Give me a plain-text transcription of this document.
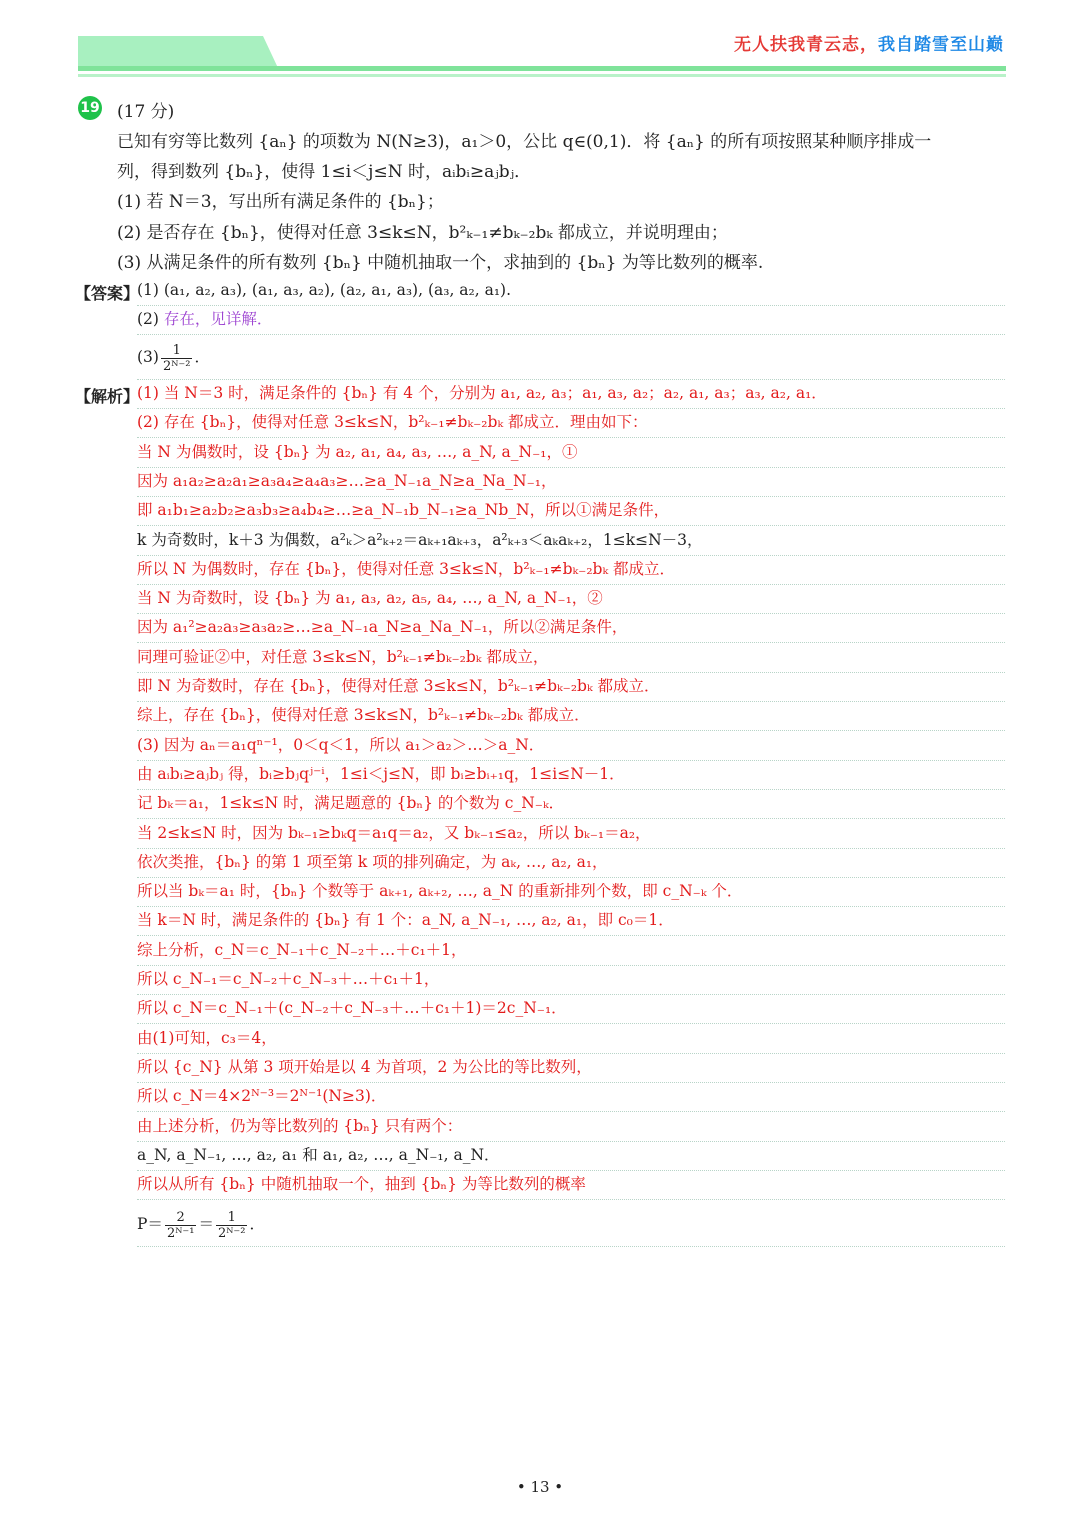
无人扶我青云志，我自踏雪至山巅
19 (17 分)
已知有穷等比数列 {aₙ} 的项数为 N(N≥3)，a₁＞0，公比 q∈(0,1)．将 {aₙ} 的所有项按照某种顺序排成一
列，得到数列 {bₙ}，使得 1≤i＜j≤N 时，aᵢbᵢ≥aⱼbⱼ．
(1) 若 N＝3，写出所有满足条件的 {bₙ}；
(2) 是否存在 {bₙ}，使得对任意 3≤k≤N，b²ₖ₋₁≠bₖ₋₂bₖ 都成立，并说明理由；
(3) 从满足条件的所有数列 {bₙ} 中随机抽取一个，求抽到的 {bₙ} 为等比数列的概率.
【答案】
(1) (a₁, a₂, a₃), (a₁, a₃, a₂), (a₂, a₁, a₃), (a₃, a₂, a₁).
(2) 存在，见详解．
$(3) \frac{1}{\text{2ᴺ⁻²}}$ ．
【解析】
(1) 当 N＝3 时，满足条件的 {bₙ} 有 4 个，分别为 a₁, a₂, a₃；a₁, a₃, a₂；a₂, a₁, a₃；a₃, a₂, a₁．
(2) 存在 {bₙ}，使得对任意 3≤k≤N，b²ₖ₋₁≠bₖ₋₂bₖ 都成立．理由如下：
当 N 为偶数时，设 {bₙ} 为 a₂, a₁, a₄, a₃, …, a_N, a_N₋₁，①
因为 a₁a₂≥a₂a₁≥a₃a₄≥a₄a₃≥…≥a_N₋₁a_N≥a_Na_N₋₁，
即 a₁b₁≥a₂b₂≥a₃b₃≥a₄b₄≥…≥a_N₋₁b_N₋₁≥a_Nb_N，所以①满足条件，
k 为奇数时，k＋3 为偶数，a²ₖ＞a²ₖ₊₂＝aₖ₊₁aₖ₊₃，a²ₖ₊₃＜aₖaₖ₊₂，1≤k≤N－3，
所以 N 为偶数时，存在 {bₙ}，使得对任意 3≤k≤N，b²ₖ₋₁≠bₖ₋₂bₖ 都成立．
当 N 为奇数时，设 {bₙ} 为 a₁, a₃, a₂, a₅, a₄, …, a_N, a_N₋₁，②
因为 a₁²≥a₂a₃≥a₃a₂≥…≥a_N₋₁a_N≥a_Na_N₋₁，所以②满足条件，
同理可验证②中，对任意 3≤k≤N，b²ₖ₋₁≠bₖ₋₂bₖ 都成立，
即 N 为奇数时，存在 {bₙ}，使得对任意 3≤k≤N，b²ₖ₋₁≠bₖ₋₂bₖ 都成立．
综上，存在 {bₙ}，使得对任意 3≤k≤N，b²ₖ₋₁≠bₖ₋₂bₖ 都成立．
(3) 因为 aₙ＝a₁qⁿ⁻¹，0＜q＜1，所以 a₁＞a₂＞…＞a_N．
由 aᵢbᵢ≥aⱼbⱼ 得，bᵢ≥bⱼqʲ⁻ⁱ，1≤i＜j≤N，即 bᵢ≥bᵢ₊₁q，1≤i≤N－1．
记 bₖ＝a₁，1≤k≤N 时，满足题意的 {bₙ} 的个数为 c_N₋ₖ．
当 2≤k≤N 时，因为 bₖ₋₁≥bₖq＝a₁q＝a₂，又 bₖ₋₁≤a₂，所以 bₖ₋₁＝a₂，
依次类推，{bₙ} 的第 1 项至第 k 项的排列确定，为 aₖ, …, a₂, a₁，
所以当 bₖ＝a₁ 时，{bₙ} 个数等于 aₖ₊₁, aₖ₊₂, …, a_N 的重新排列个数，即 c_N₋ₖ 个．
当 k＝N 时，满足条件的 {bₙ} 有 1 个：a_N, a_N₋₁, …, a₂, a₁，即 c₀＝1．
综上分析，c_N＝c_N₋₁＋c_N₋₂＋…＋c₁＋1，
所以 c_N₋₁＝c_N₋₂＋c_N₋₃＋…＋c₁＋1，
所以 c_N＝c_N₋₁＋(c_N₋₂＋c_N₋₃＋…＋c₁＋1)＝2c_N₋₁．
由(1)可知，c₃＝4，
所以 {c_N} 从第 3 项开始是以 4 为首项，2 为公比的等比数列，
所以 c_N＝4×2ᴺ⁻³＝2ᴺ⁻¹(N≥3)．
由上述分析，仍为等比数列的 {bₙ} 只有两个：
a_N, a_N₋₁, …, a₂, a₁ 和 a₁, a₂, …, a_N₋₁, a_N．
所以从所有 {bₙ} 中随机抽取一个，抽到 {bₙ} 为等比数列的概率
$P= \frac{2}{\text{2ᴺ⁻¹}} = \frac{1}{\text{2ᴺ⁻²}}$ ．
• 13 •
